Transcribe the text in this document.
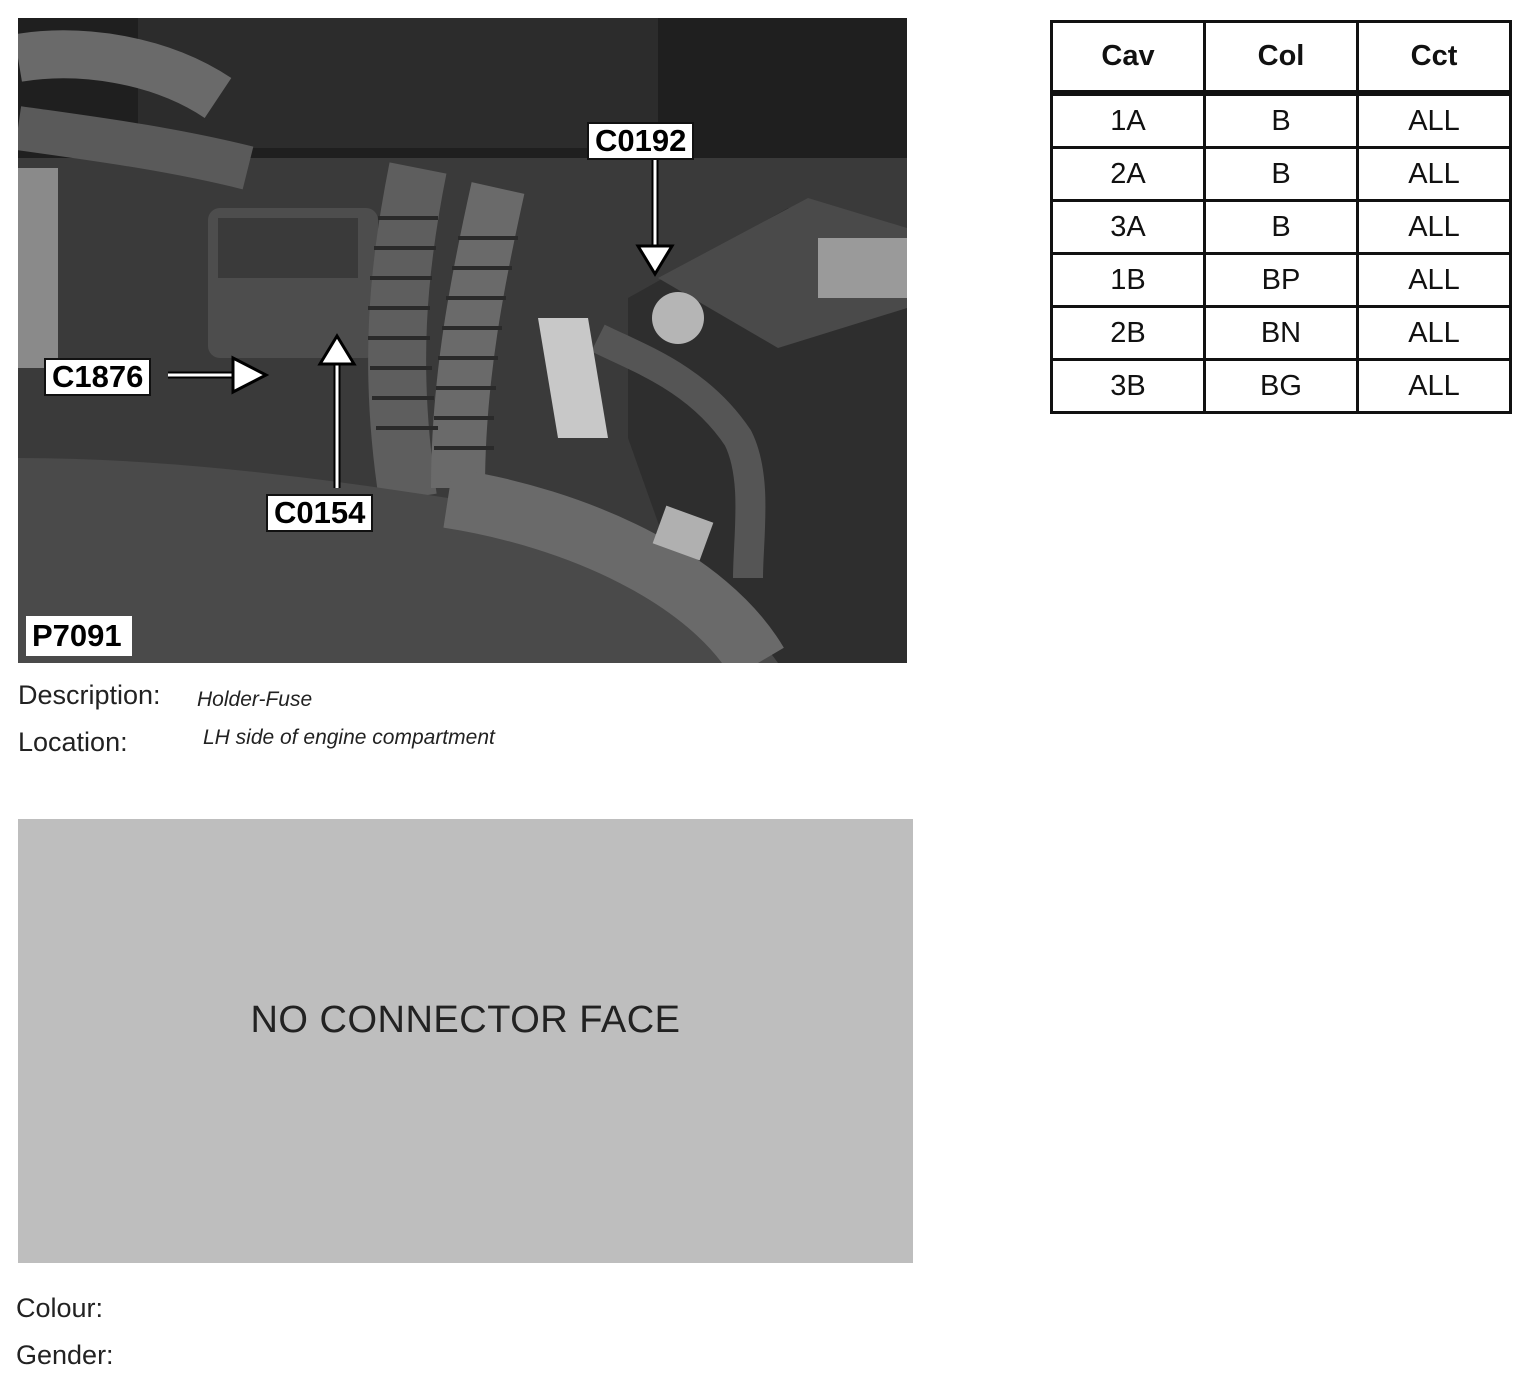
C0192
C1876
C0154
P7091
Description: Holder-Fuse
Location:	LH side of engine compartment
Cav	Col	Cct
1A	B	ALL
2A	B	ALL
3A	B	ALL
1B	BP	ALL
2B	BN	ALL
3B	BG	ALL
NO CONNECTOR FACE
Colour:
Gender:
